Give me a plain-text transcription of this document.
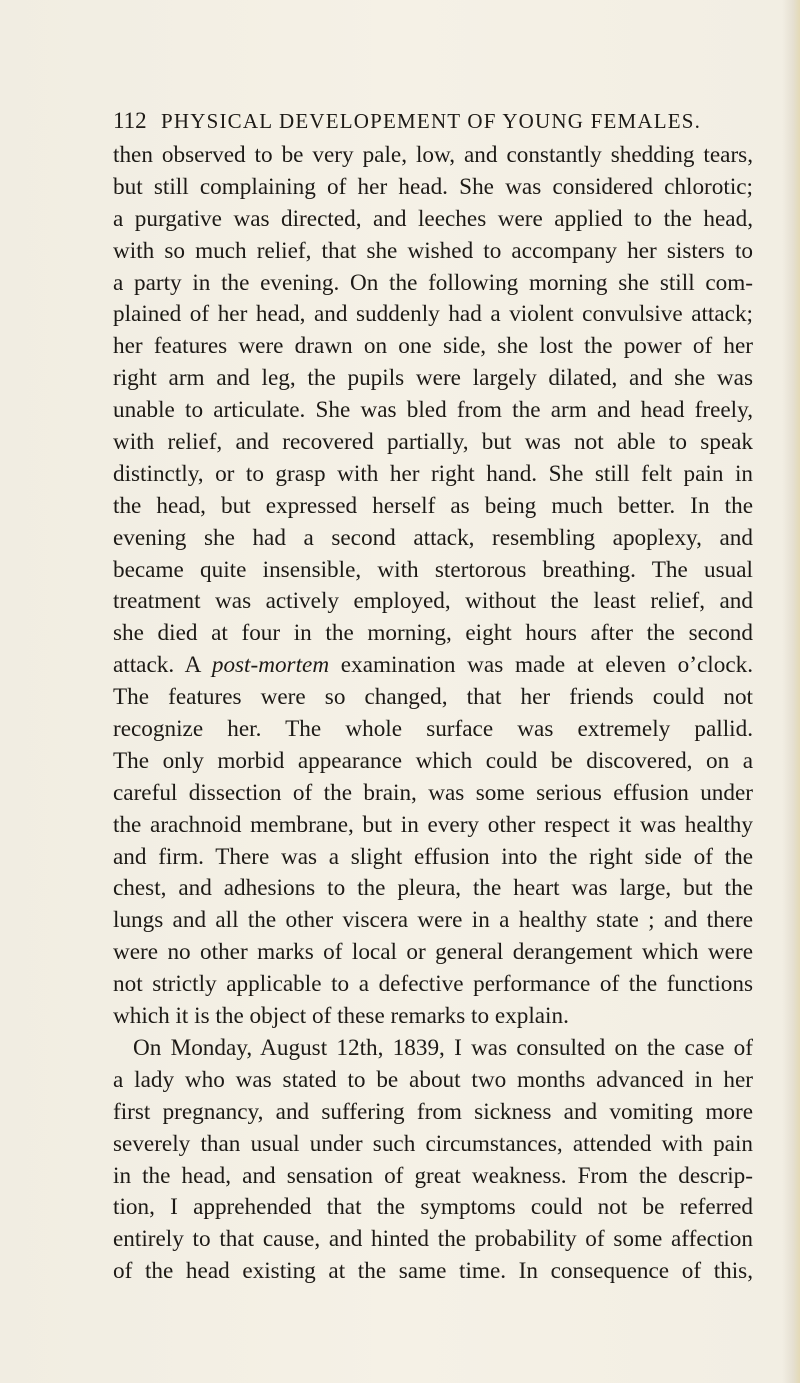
112 PHYSICAL DEVELOPEMENT OF YOUNG FEMALES.
then observed to be very pale, low, and constantly shedding tears,
but still complaining of her head. She was considered chlorotic;
a purgative was directed, and leeches were applied to the head,
with so much relief, that she wished to accompany her sisters to
a party in the evening. On the following morning she still com-
plained of her head, and suddenly had a violent convulsive attack;
her features were drawn on one side, she lost the power of her
right arm and leg, the pupils were largely dilated, and she was
unable to articulate. She was bled from the arm and head freely,
with relief, and recovered partially, but was not able to speak
distinctly, or to grasp with her right hand. She still felt pain in
the head, but expressed herself as being much better. In the
evening she had a second attack, resembling apoplexy, and
became quite insensible, with stertorous breathing. The usual
treatment was actively employed, without the least relief, and
she died at four in the morning, eight hours after the second
attack. A post-mortem examination was made at eleven o’clock.
The features were so changed, that her friends could not
recognize her. The whole surface was extremely pallid.
The only morbid appearance which could be discovered, on a
careful dissection of the brain, was some serious effusion under
the arachnoid membrane, but in every other respect it was healthy
and firm. There was a slight effusion into the right side of the
chest, and adhesions to the pleura, the heart was large, but the
lungs and all the other viscera were in a healthy state ; and there
were no other marks of local or general derangement which were
not strictly applicable to a defective performance of the functions
which it is the object of these remarks to explain.
On Monday, August 12th, 1839, I was consulted on the case of
a lady who was stated to be about two months advanced in her
first pregnancy, and suffering from sickness and vomiting more
severely than usual under such circumstances, attended with pain
in the head, and sensation of great weakness. From the descrip-
tion, I apprehended that the symptoms could not be referred
entirely to that cause, and hinted the probability of some affection
of the head existing at the same time. In consequence of this,
